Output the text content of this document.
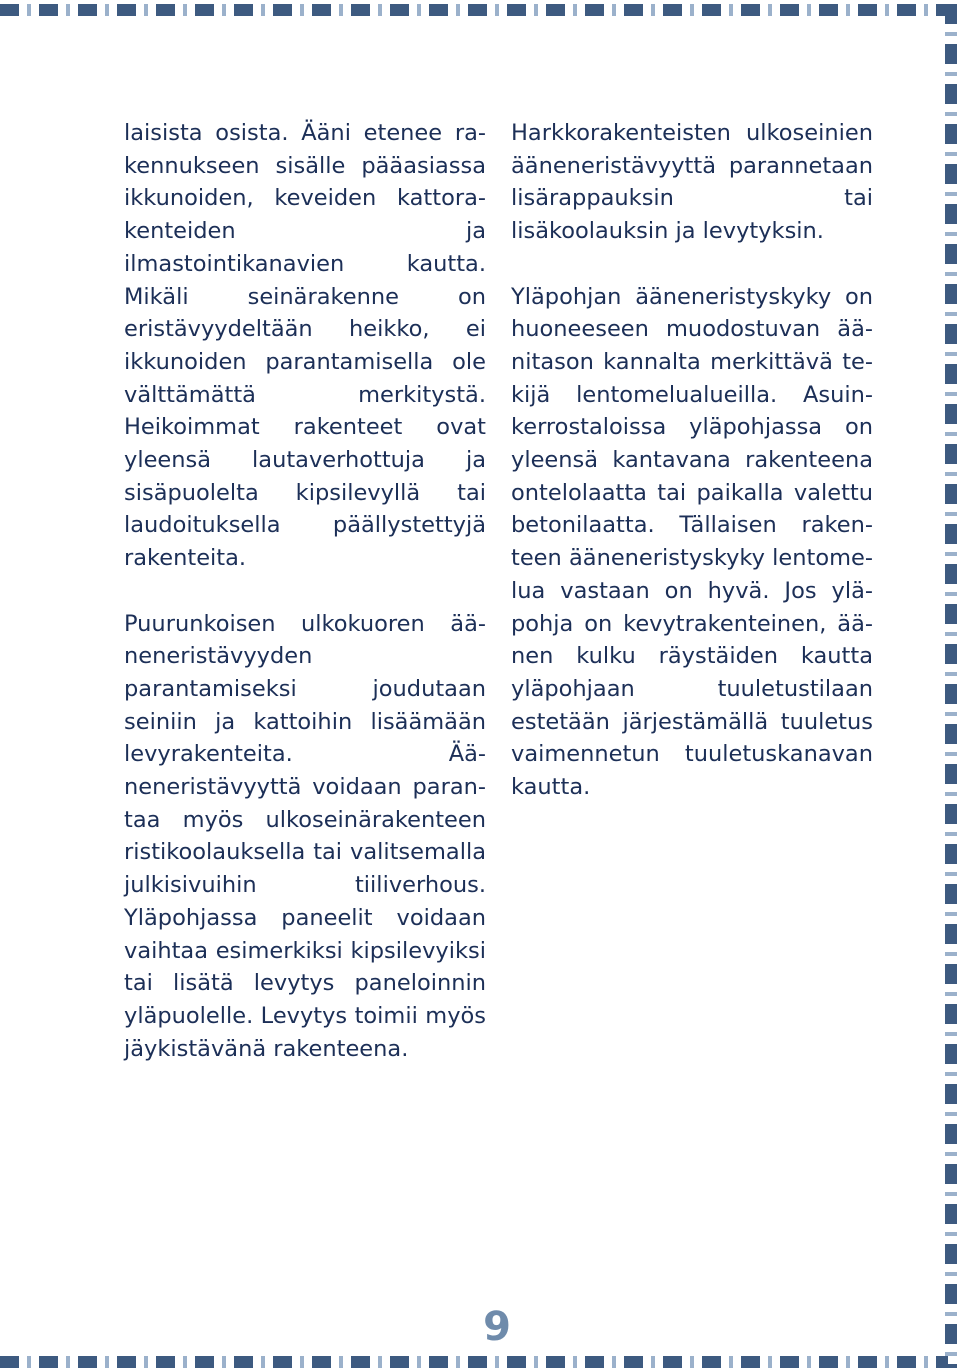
laisista osista. Ääni etenee rakennukseen sisälle pääasiassa ikkunoiden, keveiden kattorakenteiden ja ilmastointikanavien kautta. Mikäli seinärakenne on eristävyydeltään heikko, ei ikkunoiden parantamisella ole välttämättä merkitystä. Heikoimmat rakenteet ovat yleensä lautaverhottuja ja sisäpuolelta kipsilevyllä tai laudoituksella päällystettyjä rakenteita.

Puurunkoisen ulkokuoren ääneneristävyyden parantamiseksi joudutaan seiniin ja kattoihin lisäämään levyrakenteita. Ääneneristävyyttä voidaan parantaa myös ulkoseinärakenteen ristikoolauksella tai valitsemalla julkisivuihin tiiliverhous. Yläpohjassa paneelit voidaan vaihtaa esimerkiksi kipsilevyiksi tai lisätä levytys paneloinnin yläpuolelle. Levytys toimii myös jäykistävänä rakenteena.

Harkkorakenteisten ulkoseinien ääneneristävyyttä parannetaan lisärappauksin tai lisäkoolauksin ja levytyksin.

Yläpohjan ääneneristyskyky on huoneeseen muodostuvan äänitason kannalta merkittävä tekijä lentomelualueilla. Asuinkerrostaloissa yläpohjassa on yleensä kantavana rakenteena ontelolaatta tai paikalla valettu betonilaatta. Tällaisen rakenteen ääneneristyskyky lentomelua vastaan on hyvä. Jos yläpohja on kevytrakenteinen, äänen kulku räystäiden kautta yläpohjaan tuuletustilaan estetään järjestämällä tuuletus vaimennetun tuuletuskanavan kautta.

9
